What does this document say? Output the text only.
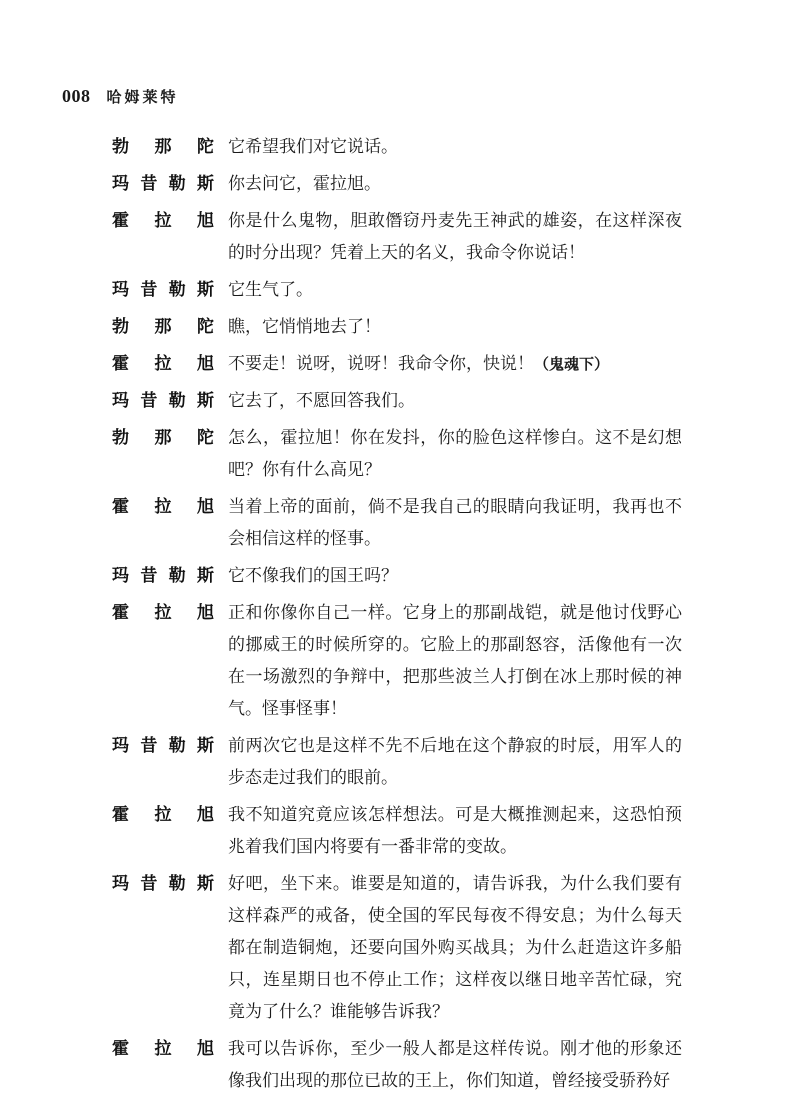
008 哈姆莱特
勃 那 陀 它希望我们对它说话。
玛 昔 勒 斯 你去问它，霍拉旭。
霍 拉 旭 你是什么鬼物，胆敢僭窃丹麦先王神武的雄姿，在这样深夜的时分出现？凭着上天的名义，我命令你说话！
玛 昔 勒 斯 它生气了。
勃 那 陀 瞧，它悄悄地去了！
霍 拉 旭 不要走！说呀，说呀！我命令你，快说！（鬼魂下）
玛 昔 勒 斯 它去了，不愿回答我们。
勃 那 陀 怎么，霍拉旭！你在发抖，你的脸色这样惨白。这不是幻想吧？你有什么高见？
霍 拉 旭 当着上帝的面前，倘不是我自己的眼睛向我证明，我再也不会相信这样的怪事。
玛 昔 勒 斯 它不像我们的国王吗？
霍 拉 旭 正和你像你自己一样。它身上的那副战铠，就是他讨伐野心的挪威王的时候所穿的。它脸上的那副怒容，活像他有一次在一场激烈的争辩中，把那些波兰人打倒在冰上那时候的神气。怪事怪事！
玛 昔 勒 斯 前两次它也是这样不先不后地在这个静寂的时辰，用军人的步态走过我们的眼前。
霍 拉 旭 我不知道究竟应该怎样想法。可是大概推测起来，这恐怕预兆着我们国内将要有一番非常的变故。
玛 昔 勒 斯 好吧，坐下来。谁要是知道的，请告诉我，为什么我们要有这样森严的戒备，使全国的军民每夜不得安息；为什么每天都在制造铜炮，还要向国外购买战具；为什么赶造这许多船只，连星期日也不停止工作；这样夜以继日地辛苦忙碌，究竟为了什么？谁能够告诉我？
霍 拉 旭 我可以告诉你，至少一般人都是这样传说。刚才他的形象还像我们出现的那位已故的王上，你们知道，曾经接受骄矜好
